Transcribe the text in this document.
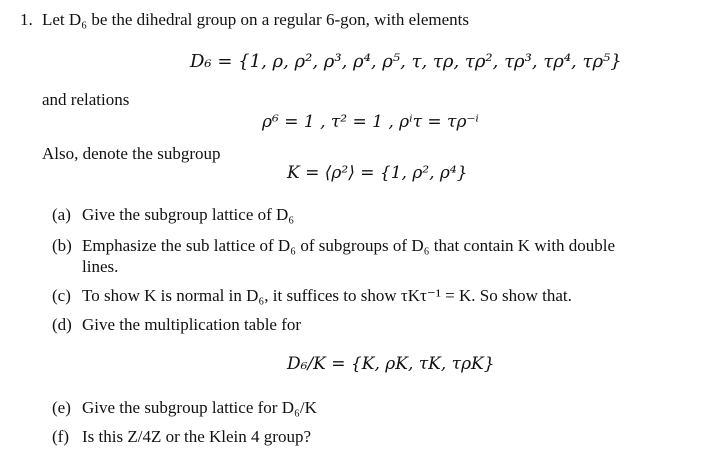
1. Let D₆ be the dihedral group on a regular 6-gon, with elements
D₆ = {1, ρ, ρ², ρ³, ρ⁴, ρ⁵, τ, τρ, τρ², τρ³, τρ⁴, τρ⁵}
and relations
ρ⁶ = 1 , τ² = 1 , ρⁱτ = τρ⁻ⁱ
Also, denote the subgroup
K = ⟨ρ²⟩ = {1, ρ², ρ⁴}
(a) Give the subgroup lattice of D₆
(b) Emphasize the sub lattice of D₆ of subgroups of D₆ that contain K with double
lines.
(c) To show K is normal in D₆, it suffices to show τKτ⁻¹ = K. So show that.
(d) Give the multiplication table for
D₆/K = {K, ρK, τK, τρK}
(e) Give the subgroup lattice for D₆/K
(f) Is this Z/4Z or the Klein 4 group?
